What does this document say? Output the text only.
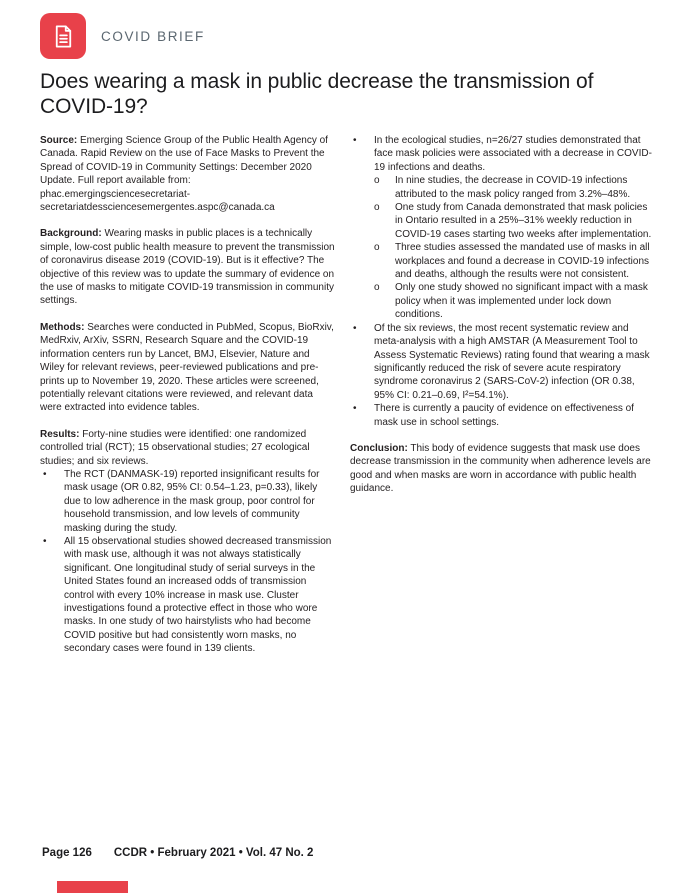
COVID BRIEF
Does wearing a mask in public decrease the transmission of COVID-19?

Source: Emerging Science Group of the Public Health Agency of Canada. Rapid Review on the use of Face Masks to Prevent the Spread of COVID-19 in Community Settings: December 2020 Update. Full report available from: phac.emergingsciencesecretariat-secretariatdessciencesemergentes.aspc@canada.ca

Background: Wearing masks in public places is a technically simple, low-cost public health measure to prevent the transmission of coronavirus disease 2019 (COVID-19). But is it effective? The objective of this review was to update the summary of evidence on the use of masks to mitigate COVID-19 transmission in community settings.

Methods: Searches were conducted in PubMed, Scopus, BioRxiv, MedRxiv, ArXiv, SSRN, Research Square and the COVID-19 information centers run by Lancet, BMJ, Elsevier, Nature and Wiley for relevant reviews, peer-reviewed publications and pre-prints up to November 19, 2020. These articles were screened, potentially relevant citations were reviewed, and relevant data were extracted into evidence tables.

Results: Forty-nine studies were identified: one randomized controlled trial (RCT); 15 observational studies; 27 ecological studies; and six reviews.

• The RCT (DANMASK-19) reported insignificant results for mask usage (OR 0.82, 95% CI: 0.54–1.23, p=0.33), likely due to low adherence in the mask group, poor control for household transmission, and low levels of community masking during the study.
• All 15 observational studies showed decreased transmission with mask use, although it was not always statistically significant. One longitudinal study of serial surveys in the United States found an increased odds of transmission control with every 10% increase in mask use. Cluster investigations found a protective effect in those who wore masks. In one study of two hairstylists who had become COVID positive but had consistently worn masks, no secondary cases were found in 139 clients.
• In the ecological studies, n=26/27 studies demonstrated that face mask policies were associated with a decrease in COVID-19 infections and deaths.
o In nine studies, the decrease in COVID-19 infections attributed to the mask policy ranged from 3.2%–48%.
o One study from Canada demonstrated that mask policies in Ontario resulted in a 25%–31% weekly reduction in COVID-19 cases starting two weeks after implementation.
o Three studies assessed the mandated use of masks in all workplaces and found a decrease in COVID-19 infections and deaths, although the results were not consistent.
o Only one study showed no significant impact with a mask policy when it was implemented under lock down conditions.
• Of the six reviews, the most recent systematic review and meta-analysis with a high AMSTAR (A Measurement Tool to Assess Systematic Reviews) rating found that wearing a mask significantly reduced the risk of severe acute respiratory syndrome coronavirus 2 (SARS-CoV-2) infection (OR 0.38, 95% CI: 0.21–0.69, I²=54.1%).
• There is currently a paucity of evidence on effectiveness of mask use in school settings.

Conclusion: This body of evidence suggests that mask use does decrease transmission in the community when adherence levels are good and when masks are worn in accordance with public health guidance.

Page 126 CCDR • February 2021 • Vol. 47 No. 2
